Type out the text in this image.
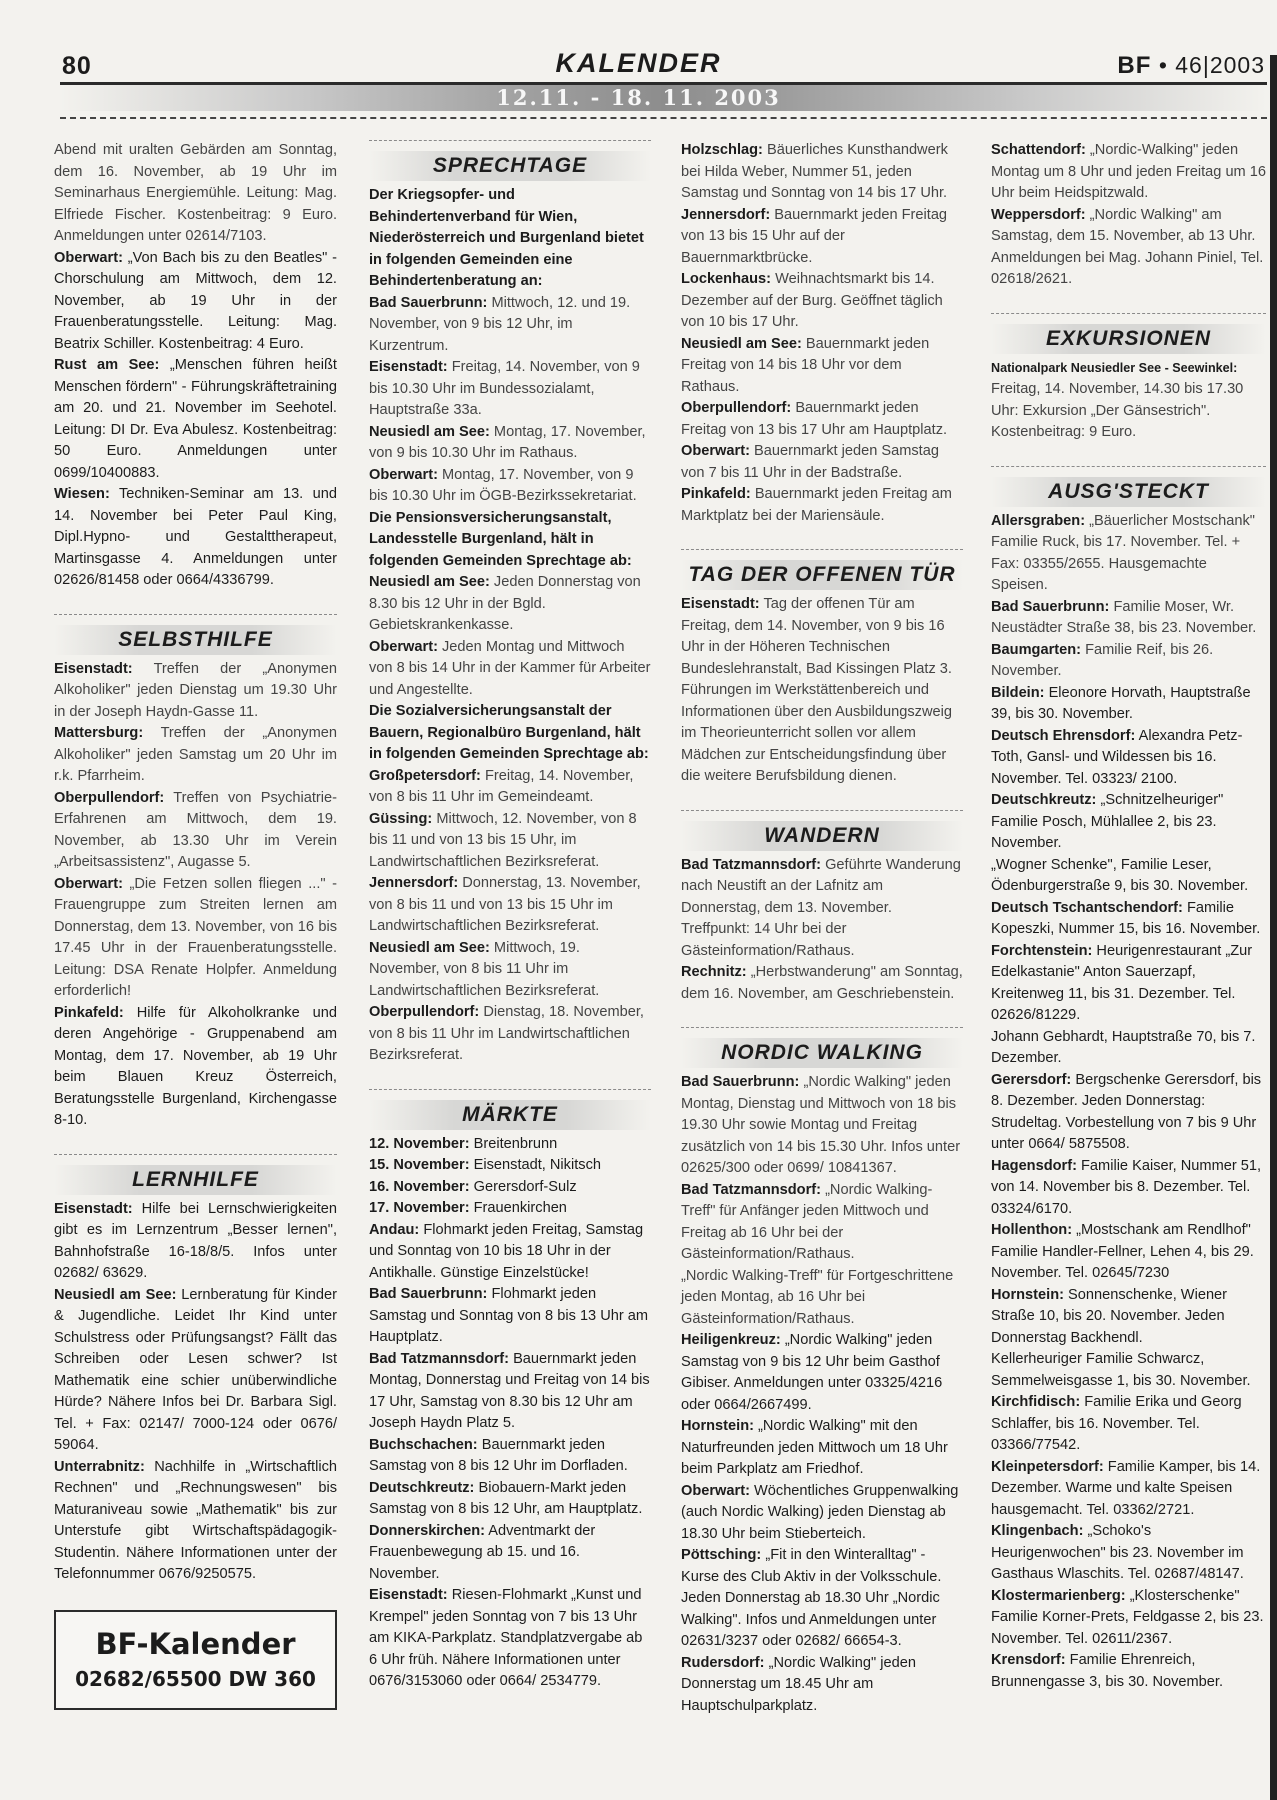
80	KALENDER	BF • 46|2003
12.11. - 18. 11. 2003

Abend mit uralten Gebärden am Sonntag, dem 16. November, ab 19 Uhr im Seminarhaus Energiemühle. Leitung: Mag. Elfriede Fischer. Kostenbeitrag: 9 Euro. Anmeldungen unter 02614/7103.

Oberwart: „Von Bach bis zu den Beatles" - Chorschulung am Mittwoch, dem 12. November, ab 19 Uhr in der Frauenberatungsstelle. Leitung: Mag. Beatrix Schiller. Kostenbeitrag: 4 Euro.

Rust am See: „Menschen führen heißt Menschen fördern" - Führungskräftetraining am 20. und 21. November im Seehotel. Leitung: DI Dr. Eva Abulesz. Kostenbeitrag: 50 Euro. Anmeldungen unter 0699/10400883.

Wiesen: Techniken-Seminar am 13. und 14. November bei Peter Paul King, Dipl.Hypno- und Gestalttherapeut, Martinsgasse 4. Anmeldungen unter 02626/81458 oder 0664/4336799.

SELBSTHILFE

Eisenstadt: Treffen der „Anonymen Alkoholiker" jeden Dienstag um 19.30 Uhr in der Joseph Haydn-Gasse 11.

Mattersburg: Treffen der „Anonymen Alkoholiker" jeden Samstag um 20 Uhr im r.k. Pfarrheim.

Oberpullendorf: Treffen von Psychiatrie-Erfahrenen am Mittwoch, dem 19. November, ab 13.30 Uhr im Verein „Arbeitsassistenz", Augasse 5.

Oberwart: „Die Fetzen sollen fliegen ..." - Frauengruppe zum Streiten lernen am Donnerstag, dem 13. November, von 16 bis 17.45 Uhr in der Frauenberatungsstelle. Leitung: DSA Renate Holpfer. Anmeldung erforderlich!

Pinkafeld: Hilfe für Alkoholkranke und deren Angehörige - Gruppenabend am Montag, dem 17. November, ab 19 Uhr beim Blauen Kreuz Österreich, Beratungsstelle Burgenland, Kirchengasse 8-10.

LERNHILFE

Eisenstadt: Hilfe bei Lernschwierigkeiten gibt es im Lernzentrum „Besser lernen", Bahnhofstraße 16-18/8/5. Infos unter 02682/ 63629.

Neusiedl am See: Lernberatung für Kinder & Jugendliche. Leidet Ihr Kind unter Schulstress oder Prüfungsangst? Fällt das Schreiben oder Lesen schwer? Ist Mathematik eine schier unüberwindliche Hürde? Nähere Infos bei Dr. Barbara Sigl. Tel. + Fax: 02147/ 7000-124 oder 0676/ 59064.

Unterrabnitz: Nachhilfe in „Wirtschaftlich Rechnen" und „Rechnungswesen" bis Maturaniveau sowie „Mathematik" bis zur Unterstufe gibt Wirtschaftspädagogik-Studentin. Nähere Informationen unter der Telefonnummer 0676/9250575.

BF-Kalender
02682/65500 DW 360
SPRECHTAGE

Der Kriegsopfer- und Behindertenverband für Wien, Niederösterreich und Burgenland bietet in folgenden Gemeinden eine Behindertenberatung an:

Bad Sauerbrunn: Mittwoch, 12. und 19. November, von 9 bis 12 Uhr, im Kurzentrum.

Eisenstadt: Freitag, 14. November, von 9 bis 10.30 Uhr im Bundessozialamt, Hauptstraße 33a.

Neusiedl am See: Montag, 17. November, von 9 bis 10.30 Uhr im Rathaus.

Oberwart: Montag, 17. November, von 9 bis 10.30 Uhr im ÖGB-Bezirkssekretariat.

Die Pensionsversicherungsanstalt, Landesstelle Burgenland, hält in folgenden Gemeinden Sprechtage ab:

Neusiedl am See: Jeden Donnerstag von 8.30 bis 12 Uhr in der Bgld. Gebietskrankenkasse.

Oberwart: Jeden Montag und Mittwoch von 8 bis 14 Uhr in der Kammer für Arbeiter und Angestellte.

Die Sozialversicherungsanstalt der Bauern, Regionalbüro Burgenland, hält in folgenden Gemeinden Sprechtage ab:

Großpetersdorf: Freitag, 14. November, von 8 bis 11 Uhr im Gemeindeamt.

Güssing: Mittwoch, 12. November, von 8 bis 11 und von 13 bis 15 Uhr, im Landwirtschaftlichen Bezirksreferat.

Jennersdorf: Donnerstag, 13. November, von 8 bis 11 und von 13 bis 15 Uhr im Landwirtschaftlichen Bezirksreferat.

Neusiedl am See: Mittwoch, 19. November, von 8 bis 11 Uhr im Landwirtschaftlichen Bezirksreferat.

Oberpullendorf: Dienstag, 18. November, von 8 bis 11 Uhr im Landwirtschaftlichen Bezirksreferat.

MÄRKTE

12. November: Breitenbrunn

15. November: Eisenstadt, Nikitsch

16. November: Gerersdorf-Sulz

17. November: Frauenkirchen

Andau: Flohmarkt jeden Freitag, Samstag und Sonntag von 10 bis 18 Uhr in der Antikhalle. Günstige Einzelstücke!

Bad Sauerbrunn: Flohmarkt jeden Samstag und Sonntag von 8 bis 13 Uhr am Hauptplatz.

Bad Tatzmannsdorf: Bauernmarkt jeden Montag, Donnerstag und Freitag von 14 bis 17 Uhr, Samstag von 8.30 bis 12 Uhr am Joseph Haydn Platz 5.

Buchschachen: Bauernmarkt jeden Samstag von 8 bis 12 Uhr im Dorfladen.

Deutschkreutz: Biobauern-Markt jeden Samstag von 8 bis 12 Uhr, am Hauptplatz.

Donnerskirchen: Adventmarkt der Frauenbewegung ab 15. und 16. November.

Eisenstadt: Riesen-Flohmarkt „Kunst und Krempel" jeden Sonntag von 7 bis 13 Uhr am KIKA-Parkplatz. Standplatzvergabe ab 6 Uhr früh. Nähere Informationen unter 0676/3153060 oder 0664/ 2534779.

Holzschlag: Bäuerliches Kunsthandwerk bei Hilda Weber, Nummer 51, jeden Samstag und Sonntag von 14 bis 17 Uhr.

Jennersdorf: Bauernmarkt jeden Freitag von 13 bis 15 Uhr auf der Bauernmarktbrücke.

Lockenhaus: Weihnachtsmarkt bis 14. Dezember auf der Burg. Geöffnet täglich von 10 bis 17 Uhr.

Neusiedl am See: Bauernmarkt jeden Freitag von 14 bis 18 Uhr vor dem Rathaus.

Oberpullendorf: Bauernmarkt jeden Freitag von 13 bis 17 Uhr am Hauptplatz.

Oberwart: Bauernmarkt jeden Samstag von 7 bis 11 Uhr in der Badstraße.

Pinkafeld: Bauernmarkt jeden Freitag am Marktplatz bei der Mariensäule.

TAG DER OFFENEN TÜR

Eisenstadt: Tag der offenen Tür am Freitag, dem 14. November, von 9 bis 16 Uhr in der Höheren Technischen Bundeslehranstalt, Bad Kissingen Platz 3. Führungen im Werkstättenbereich und Informationen über den Ausbildungszweig im Theorieunterricht sollen vor allem Mädchen zur Entscheidungsfindung über die weitere Berufsbildung dienen.

WANDERN

Bad Tatzmannsdorf: Geführte Wanderung nach Neustift an der Lafnitz am Donnerstag, dem 13. November. Treffpunkt: 14 Uhr bei der Gästeinformation/Rathaus.

Rechnitz: „Herbstwanderung" am Sonntag, dem 16. November, am Geschriebenstein.

NORDIC WALKING

Bad Sauerbrunn: „Nordic Walking" jeden Montag, Dienstag und Mittwoch von 18 bis 19.30 Uhr sowie Montag und Freitag zusätzlich von 14 bis 15.30 Uhr. Infos unter 02625/300 oder 0699/ 10841367.

Bad Tatzmannsdorf: „Nordic Walking-Treff" für Anfänger jeden Mittwoch und Freitag ab 16 Uhr bei der Gästeinformation/Rathaus.

„Nordic Walking-Treff" für Fortgeschrittene jeden Montag, ab 16 Uhr bei Gästeinformation/Rathaus.

Heiligenkreuz: „Nordic Walking" jeden Samstag von 9 bis 12 Uhr beim Gasthof Gibiser. Anmeldungen unter 03325/4216 oder 0664/2667499.

Hornstein: „Nordic Walking" mit den Naturfreunden jeden Mittwoch um 18 Uhr beim Parkplatz am Friedhof.

Oberwart: Wöchentliches Gruppenwalking (auch Nordic Walking) jeden Dienstag ab 18.30 Uhr beim Stieberteich.

Pöttsching: „Fit in den Winteralltag" - Kurse des Club Aktiv in der Volksschule. Jeden Donnerstag ab 18.30 Uhr „Nordic Walking". Infos und Anmeldungen unter 02631/3237 oder 02682/ 66654-3.

Rudersdorf: „Nordic Walking" jeden Donnerstag um 18.45 Uhr am Hauptschulparkplatz.

Schattendorf: „Nordic-Walking" jeden Montag um 8 Uhr und jeden Freitag um 16 Uhr beim Heidspitzwald.

Weppersdorf: „Nordic Walking" am Samstag, dem 15. November, ab 13 Uhr. Anmeldungen bei Mag. Johann Piniel, Tel. 02618/2621.

EXKURSIONEN

Nationalpark Neusiedler See - Seewinkel: Freitag, 14. November, 14.30 bis 17.30 Uhr: Exkursion „Der Gänsestrich". Kostenbeitrag: 9 Euro.

AUSG'STECKT

Allersgraben: „Bäuerlicher Mostschank" Familie Ruck, bis 17. November. Tel. + Fax: 03355/2655. Hausgemachte Speisen.

Bad Sauerbrunn: Familie Moser, Wr. Neustädter Straße 38, bis 23. November.

Baumgarten: Familie Reif, bis 26. November.

Bildein: Eleonore Horvath, Hauptstraße 39, bis 30. November.

Deutsch Ehrensdorf: Alexandra Petz-Toth, Gansl- und Wildessen bis 16. November. Tel. 03323/ 2100.

Deutschkreutz: „Schnitzelheuriger" Familie Posch, Mühlallee 2, bis 23. November.

„Wogner Schenke", Familie Leser, Ödenburgerstraße 9, bis 30. November.

Deutsch Tschantschendorf: Familie Kopeszki, Nummer 15, bis 16. November.

Forchtenstein: Heurigenrestaurant „Zur Edelkastanie" Anton Sauerzapf, Kreitenweg 11, bis 31. Dezember. Tel. 02626/81229.

Johann Gebhardt, Hauptstraße 70, bis 7. Dezember.

Gerersdorf: Bergschenke Gerersdorf, bis 8. Dezember. Jeden Donnerstag: Strudeltag. Vorbestellung von 7 bis 9 Uhr unter 0664/ 5875508.

Hagensdorf: Familie Kaiser, Nummer 51, von 14. November bis 8. Dezember. Tel. 03324/6170.

Hollenthon: „Mostschank am Rendlhof" Familie Handler-Fellner, Lehen 4, bis 29. November. Tel. 02645/7230

Hornstein: Sonnenschenke, Wiener Straße 10, bis 20. November. Jeden Donnerstag Backhendl.

Kellerheuriger Familie Schwarcz, Semmelweisgasse 1, bis 30. November.

Kirchfidisch: Familie Erika und Georg Schlaffer, bis 16. November. Tel. 03366/77542.

Kleinpetersdorf: Familie Kamper, bis 14. Dezember. Warme und kalte Speisen hausgemacht. Tel. 03362/2721.

Klingenbach: „Schoko's Heurigenwochen" bis 23. November im Gasthaus Wlaschits. Tel. 02687/48147.

Klostermarienberg: „Klosterschenke" Familie Korner-Prets, Feldgasse 2, bis 23. November. Tel. 02611/2367.

Krensdorf: Familie Ehrenreich, Brunnengasse 3, bis 30. November.
